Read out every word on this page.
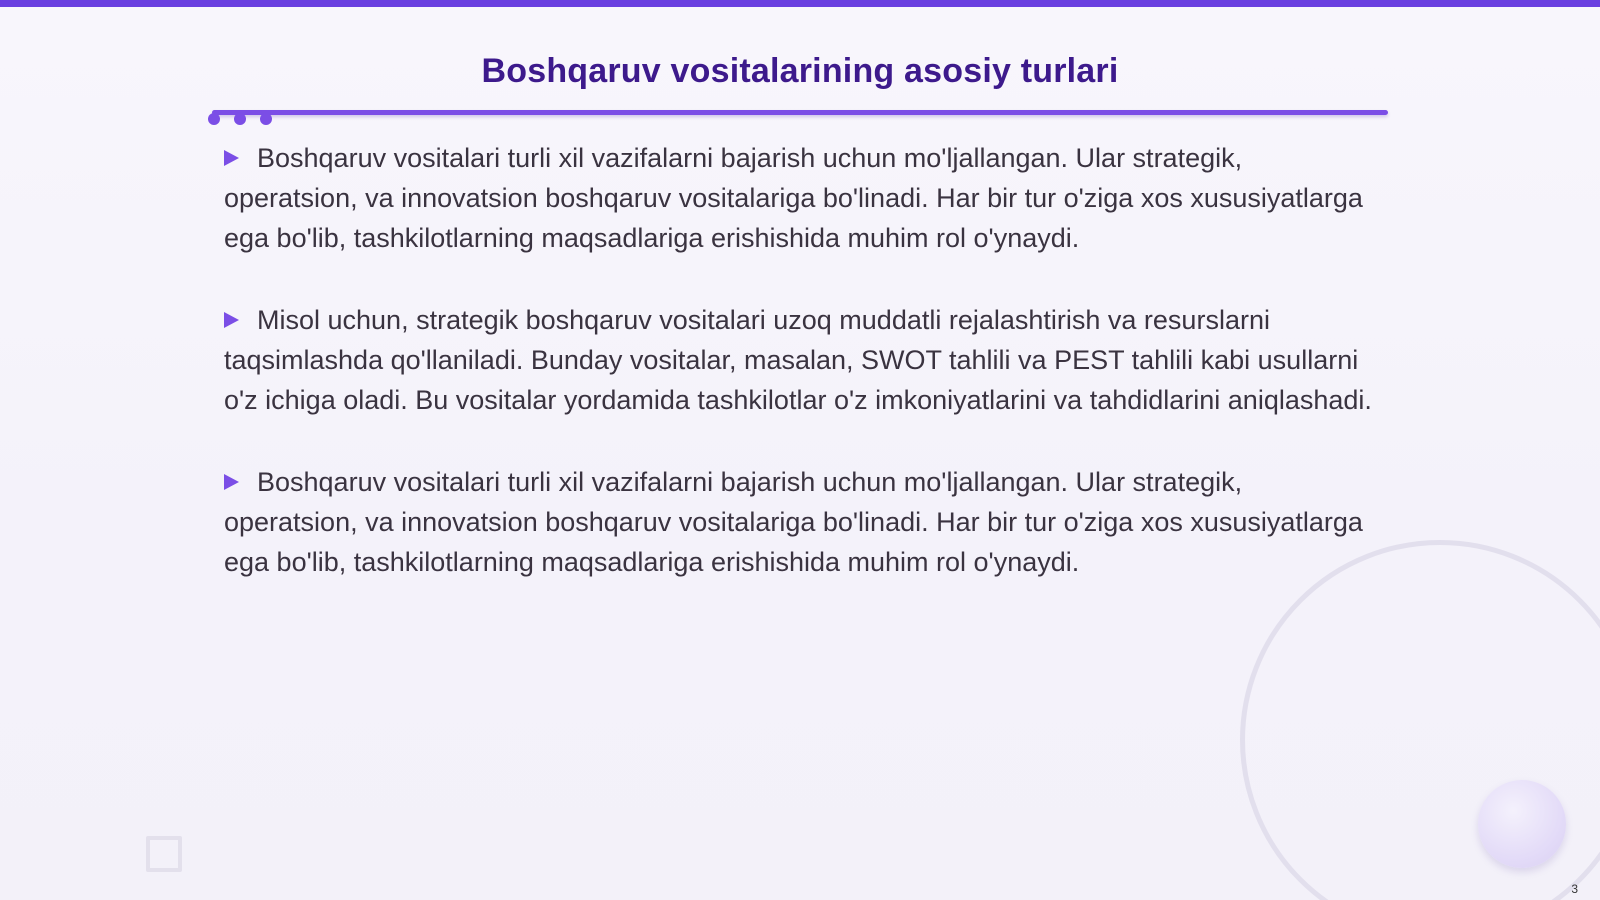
Boshqaruv vositalarining asosiy turlari

Boshqaruv vositalari turli xil vazifalarni bajarish uchun mo'ljallangan. Ular strategik, operatsion, va innovatsion boshqaruv vositalariga bo'linadi. Har bir tur o'ziga xos xususiyatlarga ega bo'lib, tashkilotlarning maqsadlariga erishishida muhim rol o'ynaydi.

Misol uchun, strategik boshqaruv vositalari uzoq muddatli rejalashtirish va resurslarni taqsimlashda qo'llaniladi. Bunday vositalar, masalan, SWOT tahlili va PEST tahlili kabi usullarni o'z ichiga oladi. Bu vositalar yordamida tashkilotlar o'z imkoniyatlarini va tahdidlarini aniqlashadi.

Boshqaruv vositalari turli xil vazifalarni bajarish uchun mo'ljallangan. Ular strategik, operatsion, va innovatsion boshqaruv vositalariga bo'linadi. Har bir tur o'ziga xos xususiyatlarga ega bo'lib, tashkilotlarning maqsadlariga erishishida muhim rol o'ynaydi.

3
